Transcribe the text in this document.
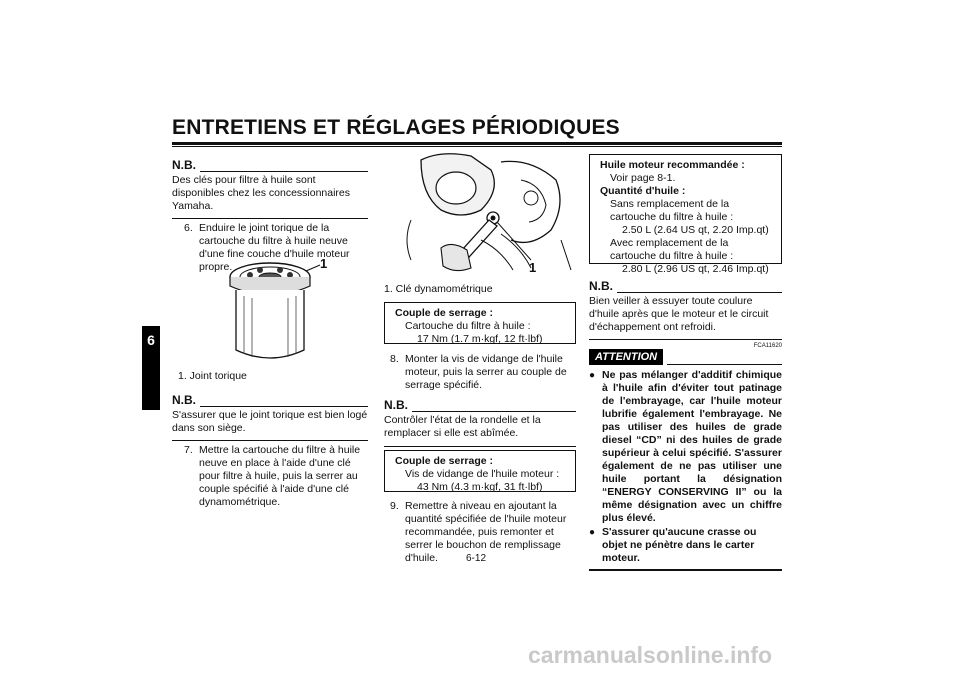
ENTRETIENS ET RÉGLAGES PÉRIODIQUES
6
N.B.
Des clés pour filtre à huile sont disponibles chez les concessionnaires Yamaha.
6. Enduire le joint torique de la cartouche du filtre à huile neuve d'une fine couche d'huile moteur propre.	1
1. Joint torique
N.B.
S'assurer que le joint torique est bien logé dans son siège.
7. Mettre la cartouche du filtre à huile neuve en place à l'aide d'une clé pour filtre à huile, puis la serrer au couple spécifié à l'aide d'une clé dynamométrique.
1
1. Clé dynamométrique
Couple de serrage :
Cartouche du filtre à huile :
17 Nm (1.7 m·kgf, 12 ft·lbf)
8. Monter la vis de vidange de l'huile moteur, puis la serrer au couple de serrage spécifié.
N.B.
Contrôler l'état de la rondelle et la remplacer si elle est abîmée.
Couple de serrage :
Vis de vidange de l'huile moteur :
43 Nm (4.3 m·kgf, 31 ft·lbf)
9. Remettre à niveau en ajoutant la quantité spécifiée de l'huile moteur recommandée, puis remonter et serrer le bouchon de remplissage d'huile.
Huile moteur recommandée :
Voir page 8-1.
Quantité d'huile :
Sans remplacement de la cartouche du filtre à huile :
2.50 L (2.64 US qt, 2.20 Imp.qt)
Avec remplacement de la cartouche du filtre à huile :
2.80 L (2.96 US qt, 2.46 Imp.qt)
N.B.
Bien veiller à essuyer toute coulure d'huile après que le moteur et le circuit d'échappement ont refroidi.
FCA11620
ATTENTION
● Ne pas mélanger d'additif chimique à l'huile afin d'éviter tout patinage de l'embrayage, car l'huile moteur lubrifie également l'embrayage. Ne pas utiliser des huiles de grade diesel “CD” ni des huiles de grade supérieur à celui spécifié. S'assurer également de ne pas utiliser une huile portant la désignation “ENERGY CONSERVING II” ou la même désignation avec un chiffre plus élevé.
● S'assurer qu'aucune crasse ou objet ne pénètre dans le carter moteur.
6-12
carmanualsonline.info
